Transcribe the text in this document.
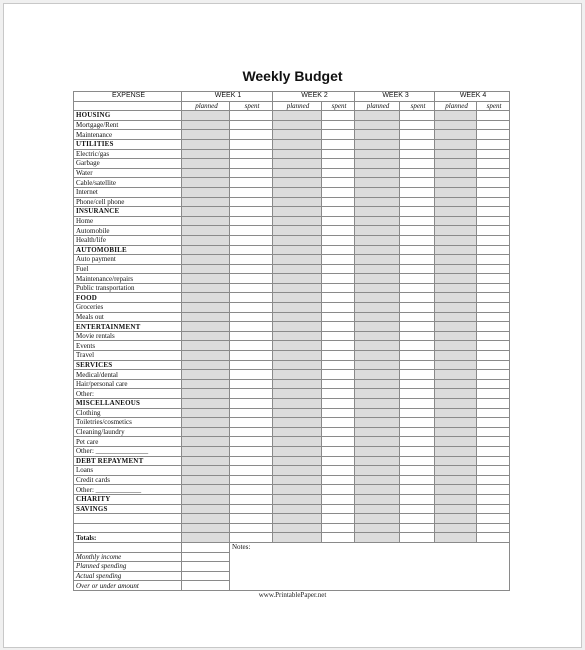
Weekly Budget
EXPENSE	WEEK 1		WEEK 2		WEEK 3		WEEK 4	
	planned	spent	planned	spent	planned	spent	planned	spent
HOUSING								
Mortgage/Rent								
Maintenance								
UTILITIES								
Electric/gas								
Garbage								
Water								
Cable/satellite								
Internet								
Phone/cell phone								
INSURANCE								
Home								
Automobile								
Health/life								
AUTOMOBILE								
Auto payment								
Fuel								
Maintenance/repairs								
Public transportation								
FOOD								
Groceries								
Meals out								
ENTERTAINMENT								
Movie rentals								
Events								
Travel								
SERVICES								
Medical/dental								
Hair/personal care								
Other:								
MISCELLANEOUS								
Clothing								
Toiletries/cosmetics								
Cleaning/laundry								
Pet care								
Other: _______________								
DEBT REPAYMENT								
Loans								
Credit cards								
Other: _____________								
CHARITY								
SAVINGS								

Totals:								
		Notes:						
Monthly income								
Planned spending								
Actual spending								
Over or under amount								
www.PrintablePaper.net
